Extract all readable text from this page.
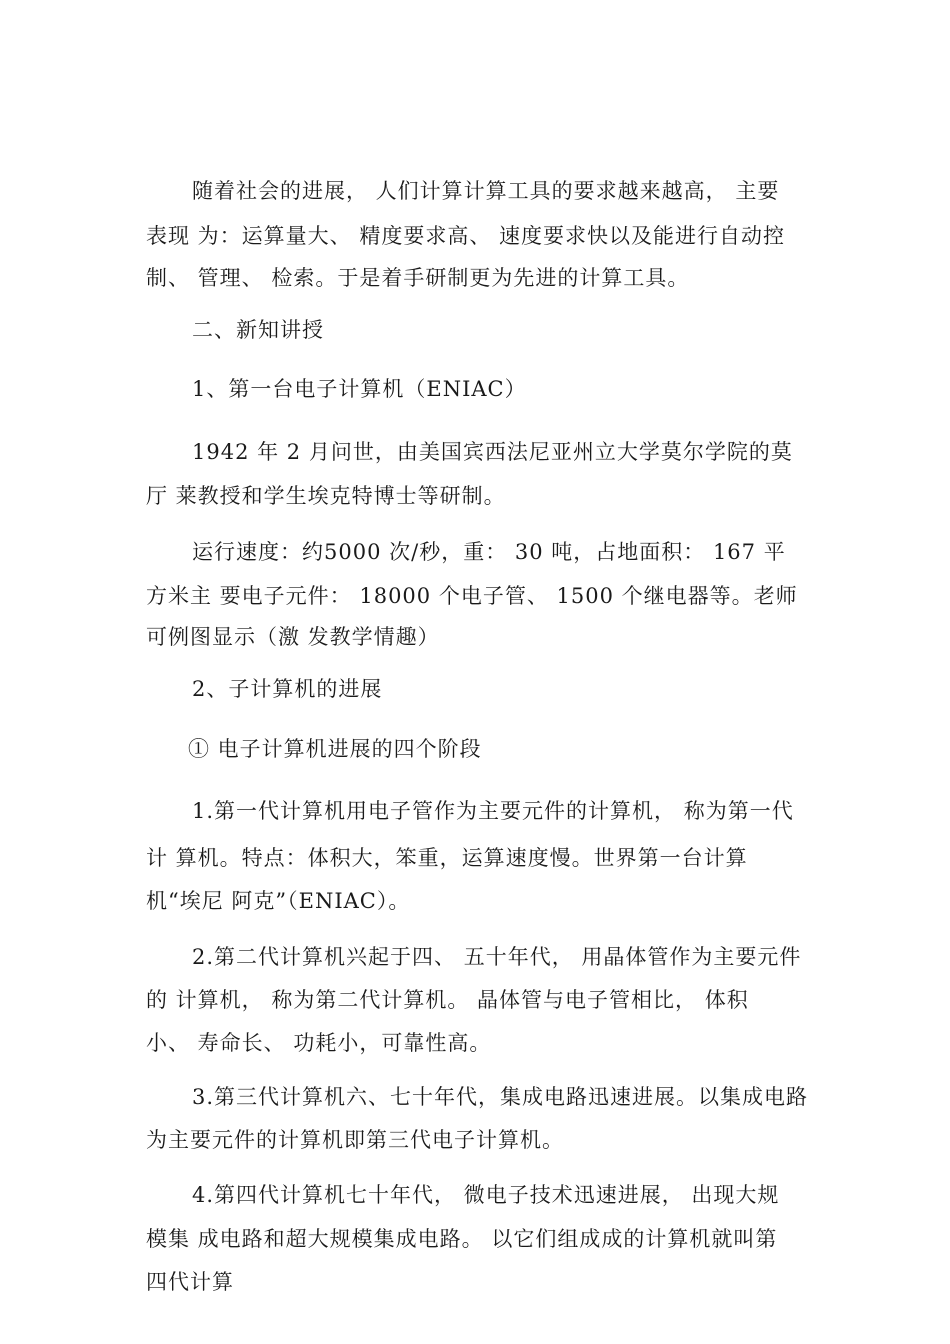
随着社会的进展， 人们计算计算工具的要求越来越高， 主要
表现 为：运算量大、 精度要求高、 速度要求快以及能进行自动控
制、 管理、 检索。于是着手研制更为先进的计算工具。
二、新知讲授
1、第一台电子计算机（ENIAC）
1942 年 2 月问世，由美国宾西法尼亚州立大学莫尔学院的莫
厅 莱教授和学生埃克特博士等研制。
运行速度：约5000 次/秒，重： 30 吨，占地面积： 167 平
方米主 要电子元件： 18000 个电子管、 1500 个继电器等。老师
可例图显示（激 发教学情趣）
2、子计算机的进展
① 电子计算机进展的四个阶段
1.第一代计算机用电子管作为主要元件的计算机， 称为第一代
计 算机。特点：体积大，笨重，运算速度慢。世界第一台计算
机“埃尼 阿克”（ENIAC）。
2.第二代计算机兴起于四、 五十年代， 用晶体管作为主要元件
的 计算机， 称为第二代计算机。 晶体管与电子管相比， 体积
小、 寿命长、 功耗小，可靠性高。
3.第三代计算机六、七十年代，集成电路迅速进展。以集成电路
为主要元件的计算机即第三代电子计算机。
4.第四代计算机七十年代， 微电子技术迅速进展， 出现大规
模集 成电路和超大规模集成电路。 以它们组成成的计算机就叫第
四代计算
